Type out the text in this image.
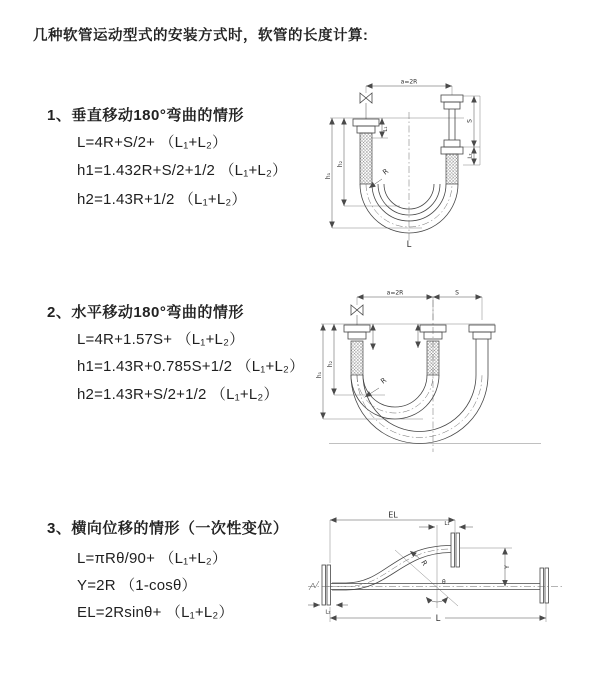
几种软管运动型式的安装方式时，软管的长度计算:
1、垂直移动180°弯曲的情形
L=4R+S/2+ （L₁+L₂）
h1=1.432R+S/2+1/2 （L₁+L₂）
h2=1.43R+1/2 （L₁+L₂）
2、水平移动180°弯曲的情形
L=4R+1.57S+ （L₁+L₂）
h1=1.43R+0.785S+1/2 （L₁+L₂）
h2=1.43R+S/2+1/2 （L₁+L₂）
3、横向位移的情形（一次性变位）
L=πRθ/90+ （L₁+L₂）
Y=2R （1-cosθ）
EL=2Rsinθ+ （L₁+L₂）
a=2R
R
L
h₁
h₂
L₁
S
L₂
a=2R	S
R
h₁
h₂
EL
L₁
θ
R	Y
L
L₂
